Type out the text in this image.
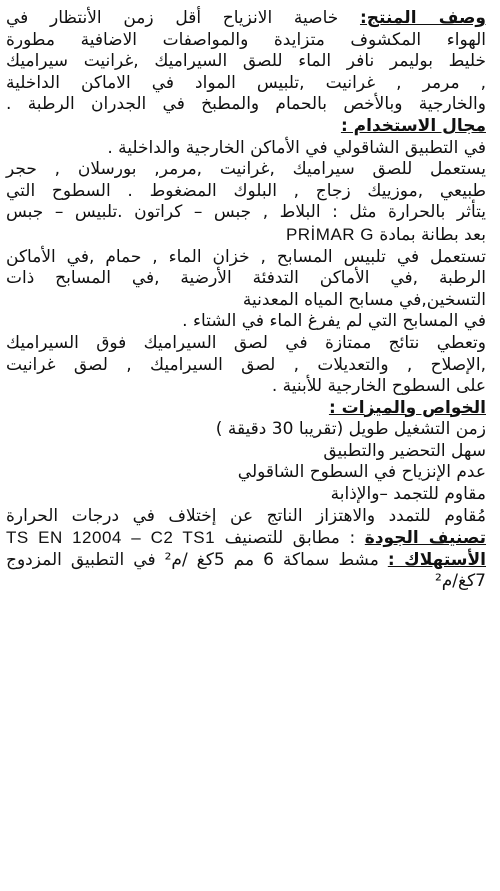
وصف المنتج: خاصية الانزياح أقل زمن الأنتظار في
الهواء المكشوف متزايدة والمواصفات الاضافية مطورة
خليط بوليمر نافر الماء للصق السيراميك ,غرانيت سيراميك
, مرمر , غرانيت ,تلبيس المواد في الاماكن الداخلية
والخارجية وبالأخص بالحمام والمطبخ في الجدران الرطبة .
مجال الاستخدام :
في التطبيق الشاقولي في الأماكن الخارجية والداخلية .
يستعمل للصق سيراميك ,غرانيت ,مرمر, بورسلان , حجر
طبيعي ,موزييك زجاج , البلوك المضغوط . السطوح التي
يتأثر بالحرارة مثل : البلاط , جبس – كراتون .تلبيس – جبس
بعد بطانة بمادة PRİMAR G
تستعمل في تلبيس المسابح , خزان الماء , حمام ,في الأماكن
الرطبة ,في الأماكن التدفئة الأرضية ,في المسابح ذات
التسخين,في مسابح المياه المعدنية
في المسابح التي لم يفرغ الماء في الشتاء .
وتعطي نتائج ممتازة في لصق السيراميك فوق السيراميك
,الإصلاح , والتعديلات , لصق السيراميك , لصق غرانيت
على السطوح الخارجية للأبنية .
الخواص والميزات :
زمن التشغيل طويل (تقريبا 30 دقيقة )
سهل التحضير والتطبيق
عدم الإنزياح في السطوح الشاقولي
مقاوم للتجمد –والإذابة
مُقاوم للتمدد والاهتزاز الناتج عن إختلاف في درجات الحرارة
تصنيف الجودة : مطابق للتصنيف TS EN 12004 – C2 TS1
الأستهلاك : مشط سماكة 6 مم 5كغ /م² في التطبيق المزدوج
7كغ/م²
